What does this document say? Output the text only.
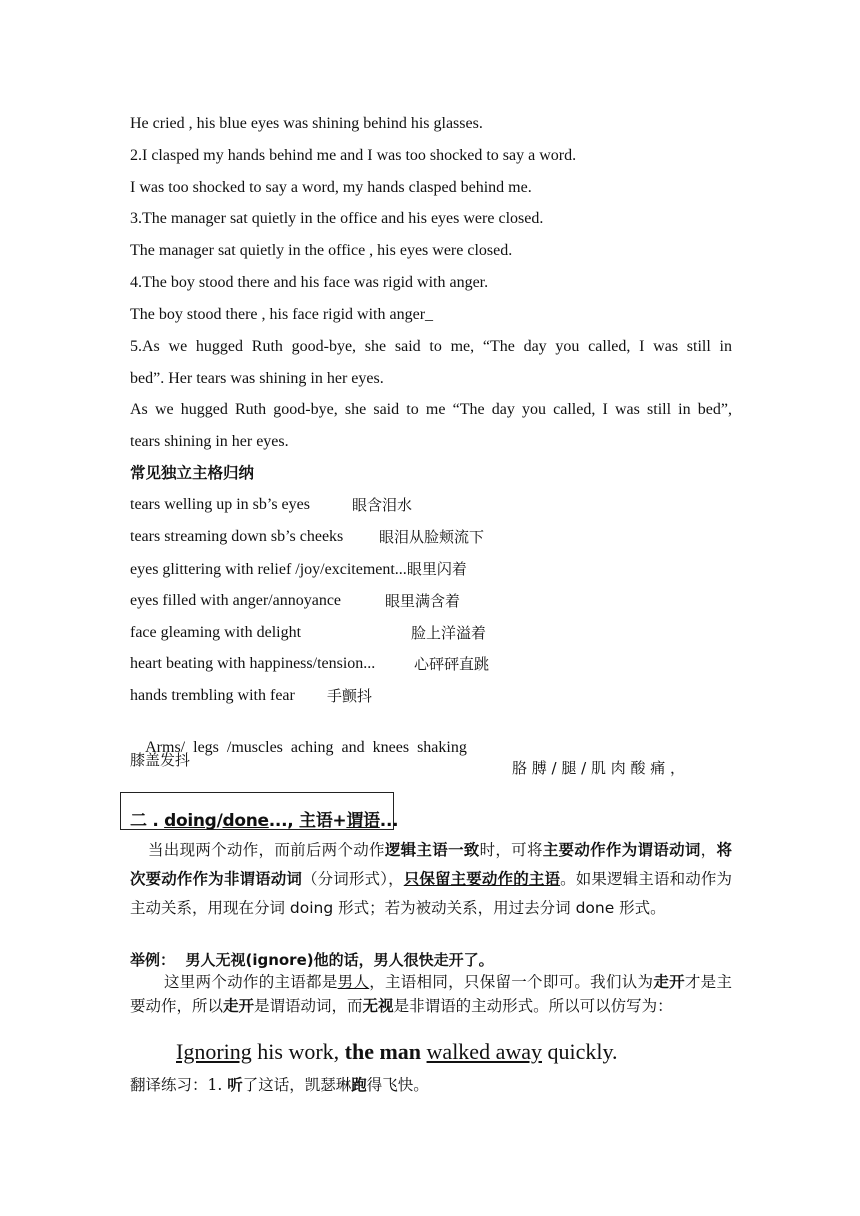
He cried , his blue eyes was shining behind his glasses.
2.I clasped my hands behind me and I was too shocked to say a word.
I was too shocked to say a word, my hands clasped behind me.
3.The manager sat quietly in the office and his eyes were closed.
The manager sat quietly in the office , his eyes were closed.
4.The boy stood there and his face was rigid with anger.
The boy stood there , his face rigid with anger_
5.As we hugged Ruth good-bye, she said to me, “The day you called, I was still in
bed”. Her tears was shining in her eyes.
As we hugged Ruth good-bye, she said to me “The day you called, I was still in bed”,
tears shining in her eyes.
常见独立主格归纳
tears welling up in sb’s eyes	眼含泪水
tears streaming down sb’s cheeks 眼泪从脸颊流下
eyes glittering with relief /joy/excitement...眼里闪着
eyes filled with anger/annoyance	眼里满含着
face gleaming with delight	脸上洋溢着
heart beating with happiness/tension...	心砰砰直跳
hands trembling with fear 手颤抖

Arms/  legs  /muscles  aching  and  knees  shaking

胳 膊 / 腿 / 肌 肉 酸 痛 ，

膝盖发抖
二 . doing/done..., 主语+谓语...
当出现两个动作，而前后两个动作逻辑主语一致时，可将主要动作作为谓语动词，将次要动作作为非谓语动词（分词形式），只保留主要动作的主语。如果逻辑主语和动作为主动关系，用现在分词 doing 形式；若为被动关系，用过去分词 done 形式。
举例： 男人无视(ignore)他的话，男人很快走开了。
这里两个动作的主语都是男人，主语相同，只保留一个即可。我们认为走开才是主要动作，所以走开是谓语动词，而无视是非谓语的主动形式。所以可以仿写为：
Ignoring his work, the man walked away quickly.
翻译练习：1. 听了这话，凯瑟琳跑得飞快。
